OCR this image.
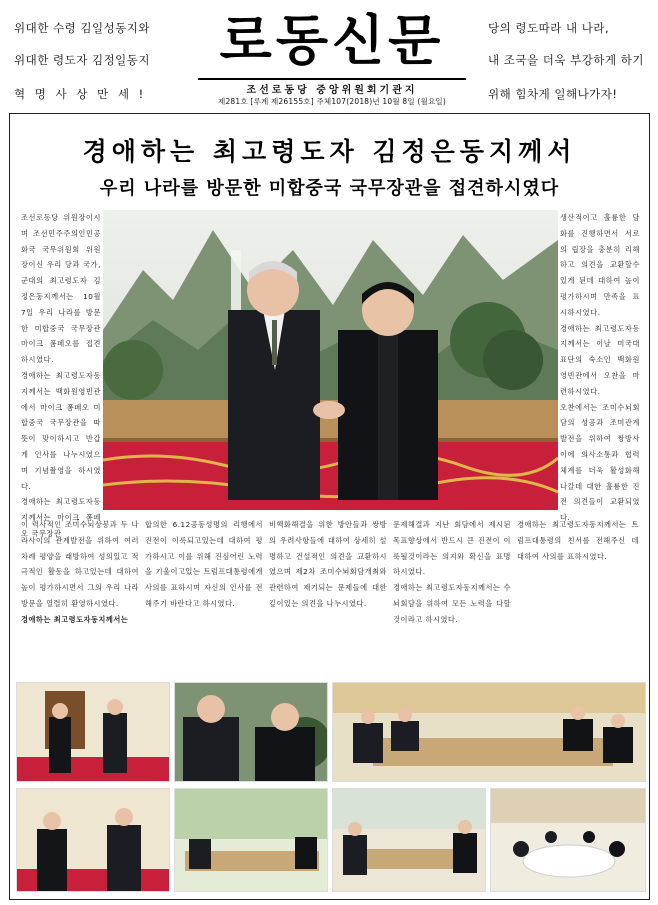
위대한 수령 김일성동지와
위대한 령도자 김정일동지
혁 명 사 상 만 세 !
로동신문
조선로동당 중앙위원회기관지
제281호 [루계 제26155호] 주체107(2018)년 10월 8일 (월요일)
당의 령도따라 내 나라,
내 조국을 더욱 부강하게 하기
위해 힘차게 일해나가자!
경애하는 최고령도자 김정은동지께서
우리 나라를 방문한 미합중국 국무장관을 접견하시였다

조선로동당 위원장이시며 조선민주주의인민공화국 국무위원회 위원장이신 우리 당과 국가, 군대의 최고령도자 김정은동지께서는 10월 7일 우리 나라를 방문한 미합중국 국무장관 마이크 폼페오를 접견하시였다.

경애하는 최고령도자동지께서는 백화원영빈관에서 마이크 폼페오 미합중국 국무장관을 따뜻이 맞이하시고 반갑게 인사를 나누시였으며 기념촬영을 하시였다.

경애하는 최고령도자동지께서는 마이크 폼페오 국무장관

생산적이고 훌륭한 담화를 진행하면서 서로의 립장을 충분히 리해하고 의견을 교환할수 있게 된데 대하여 높이 평가하시며 만족을 표시하시였다.

경애하는 최고령도자동지께서는 이날 미국대표단의 숙소인 백화원영빈관에서 오찬을 마련하시였다.

오찬에서는 조미수뇌회담의 성공과 조미관계발전을 위하여 쌍방사이에 의사소통과 협력체계를 더욱 활성화해나갈데 대한 훌륭한 진전 의견들이 교환되였다.

이 력사적인 조미수뇌상봉과 두 나라사이의 관계발전을 위하여 여러차례 평양을 래방하여 성의있고 적극적인 활동을 하고있는데 대하여 높이 평가하시면서 그의 우리 나라 방문을 열렬히 환영하시였다.
경애하는 최고령도자동지께서는
합의한 6.12공동성명의 리행에서 진전이 이룩되고있는데 대하여 평가하시고 이를 위해 진심어린 노력을 기울이고있는 트럼프대통령에게 사의를 표하시며 자신의 인사를 전해주기 바란다고 하시였다.
비핵화해결을 위한 방안들과 쌍방의 우려사항들에 대하여 상세히 설명하고 건설적인 의견을 교환하시였으며 제2차 조미수뇌회담개최와 관련하여 제기되는 문제들에 대한 깊이있는 의견을 나누시였다.
문제해결과 지난 회담에서 제시된 목표향상에서 반드시 큰 진전이 이룩될것이라는 의지와 확신을 표명하시였다.
경애하는 최고령도자동지께서는 수뇌회담을 위하여 모든 노력을 다할것이라고 하시였다.
경애하는 최고령도자동지께서는 트럼프대통령의 친서를 전해주신 데 대하여 사의를 표하시였다.
